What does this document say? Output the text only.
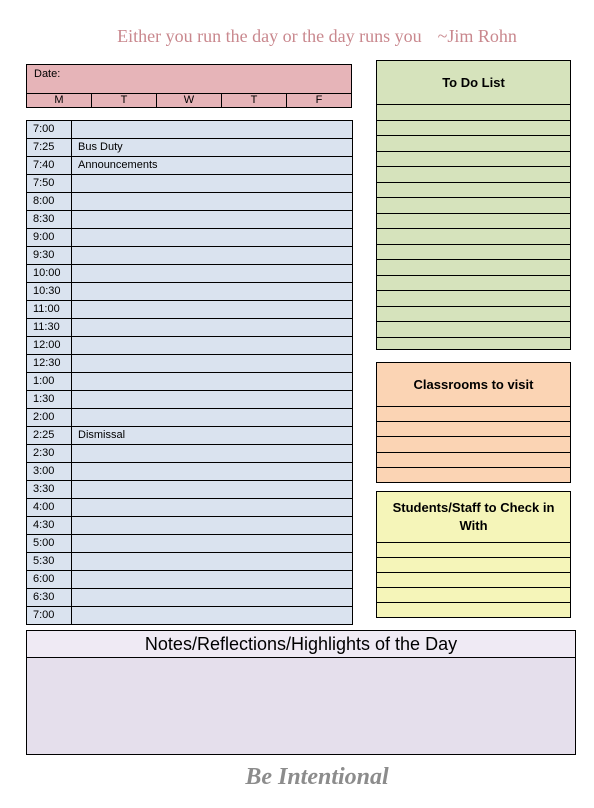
Either you run the day or the day runs you ~Jim Rohn
Date:
M	T	W	T	F
7:00
7:25	Bus Duty
7:40	Announcements
7:50
8:00
8:30
9:00
9:30
10:00
10:30
11:00
11:30
12:00
12:30
1:00
1:30
2:00
2:25	Dismissal
2:30
3:00
3:30
4:00
4:30
5:00
5:30
6:00
6:30
7:00
To Do List
Classrooms to visit
Students/Staff to Check in With
Notes/Reflections/Highlights of the Day
Be Intentional
